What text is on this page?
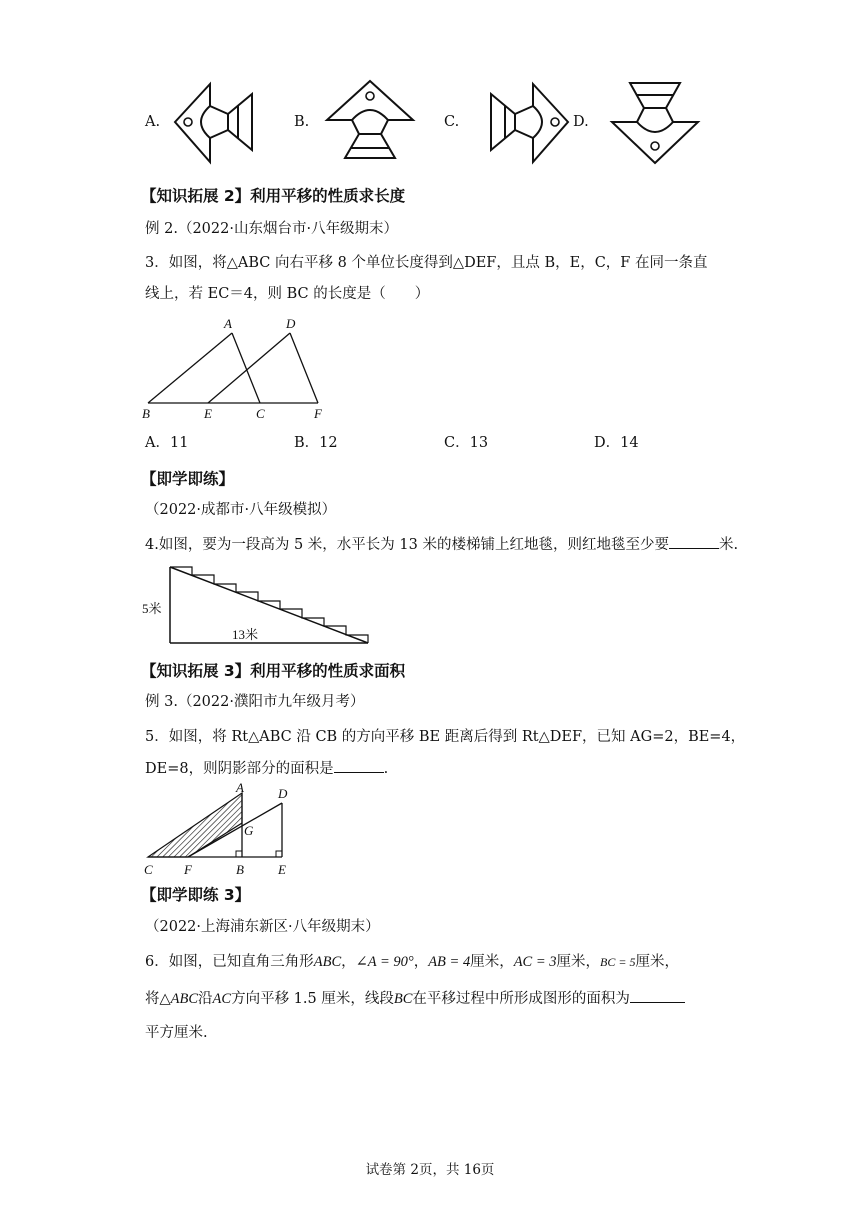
A.	B.	C.	D.
【知识拓展 2】利用平移的性质求长度
例 2.（2022·山东烟台市·八年级期末）
3．如图，将△ABC 向右平移 8 个单位长度得到△DEF，且点 B，E，C，F 在同一条直
线上，若 EC＝4，则 BC 的长度是（　　）
A	D
B	E	C	F
A．11	B．12	C．13	D．14
【即学即练】
（2022·成都市·八年级模拟）
4.如图，要为一段高为 5 米，水平长为 13 米的楼梯铺上红地毯，则红地毯至少要	米.
5米
13米
【知识拓展 3】利用平移的性质求面积
例 3.（2022·濮阳市九年级月考）
5．如图，将 Rt△ABC 沿 CB 的方向平移 BE 距离后得到 Rt△DEF，已知 AG=2，BE=4，
DE=8，则阴影部分的面积是	.
A	D
G
C F	B	E
【即学即练 3】
（2022·上海浦东新区·八年级期末）
6．如图，已知直角三角形ABC，∠A = 90°，AB = 4厘米，AC = 3厘米，BC = 5厘米，
将△ABC沿AC方向平移 1.5 厘米，线段BC在平移过程中所形成图形的面积为
平方厘米.
试卷第 2页，共 16页
